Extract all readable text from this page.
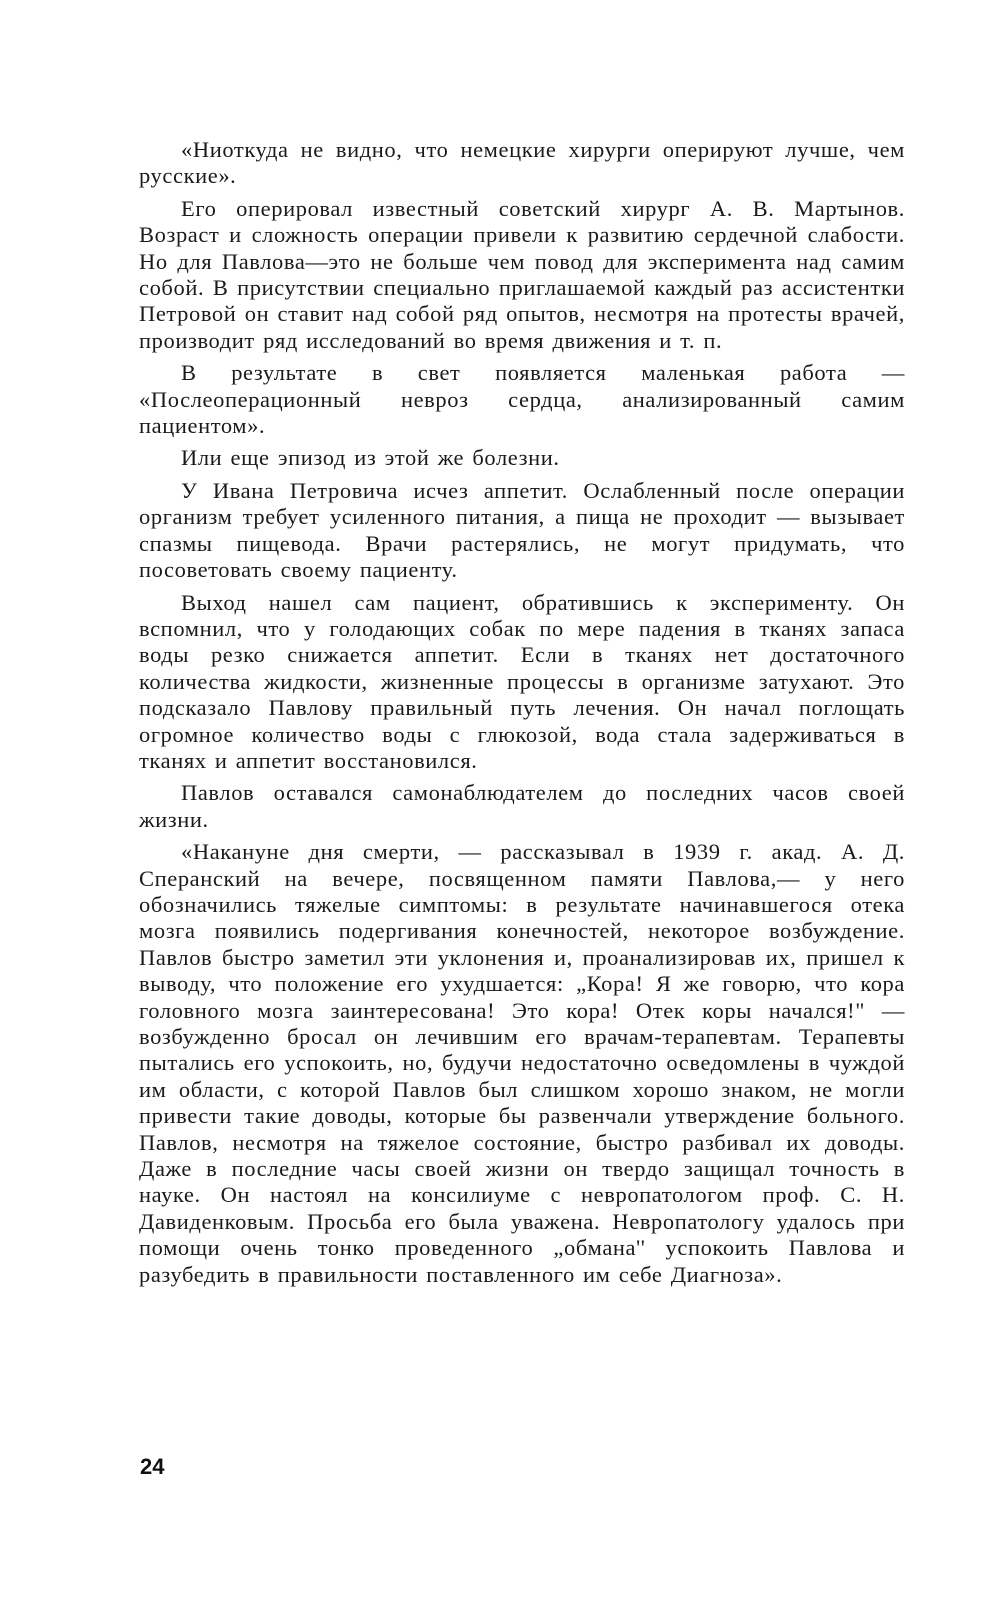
«Ниоткуда не видно, что немецкие хирурги оперируют лучше, чем русские».

Его оперировал известный советский хирург А. В. Мартынов. Возраст и сложность операции привели к развитию сердечной слабости. Но для Павлова—это не больше чем повод для эксперимента над самим собой. В присутствии специально приглашаемой каждый раз ассистентки Петровой он ставит над собой ряд опытов, несмотря на протесты врачей, производит ряд исследований во время движения и т. п.

В результате в свет появляется маленькая работа — «Послеоперационный невроз сердца, анализированный самим пациентом».

Или еще эпизод из этой же болезни.

У Ивана Петровича исчез аппетит. Ослабленный после операции организм требует усиленного питания, а пища не проходит — вызывает спазмы пищевода. Врачи растерялись, не могут придумать, что посоветовать своему пациенту.

Выход нашел сам пациент, обратившись к эксперименту. Он вспомнил, что у голодающих собак по мере падения в тканях запаса воды резко снижается аппетит. Если в тканях нет достаточного количества жидкости, жизненные процессы в организме затухают. Это подсказало Павлову правильный путь лечения. Он начал поглощать огромное количество воды с глюкозой, вода стала задерживаться в тканях и аппетит восстановился.

Павлов оставался самонаблюдателем до последних часов своей жизни.

«Накануне дня смерти, — рассказывал в 1939 г. акад. А. Д. Сперанский на вечере, посвященном памяти Павлова,— у него обозначились тяжелые симптомы: в результате начинавшегося отека мозга появились подергивания конечностей, некоторое возбуждение. Павлов быстро заметил эти уклонения и, проанализировав их, пришел к выводу, что положение его ухудшается: „Кора! Я же говорю, что кора головного мозга заинтересована! Это кора! Отек коры начался!" — возбужденно бросал он лечившим его врачам-терапевтам. Терапевты пытались его успокоить, но, будучи недостаточно осведомлены в чуждой им области, с которой Павлов был слишком хорошо знаком, не могли привести такие доводы, которые бы развенчали утверждение больного. Павлов, несмотря на тяжелое состояние, быстро разбивал их доводы. Даже в последние часы своей жизни он твердо защищал точность в науке. Он настоял на консилиуме с невропатологом проф. С. Н. Давиденковым. Просьба его была уважена. Невропатологу удалось при помощи очень тонко проведенного „обмана'' успокоить Павлова и разубедить в правильности поставленного им себе Диагноза».

24
